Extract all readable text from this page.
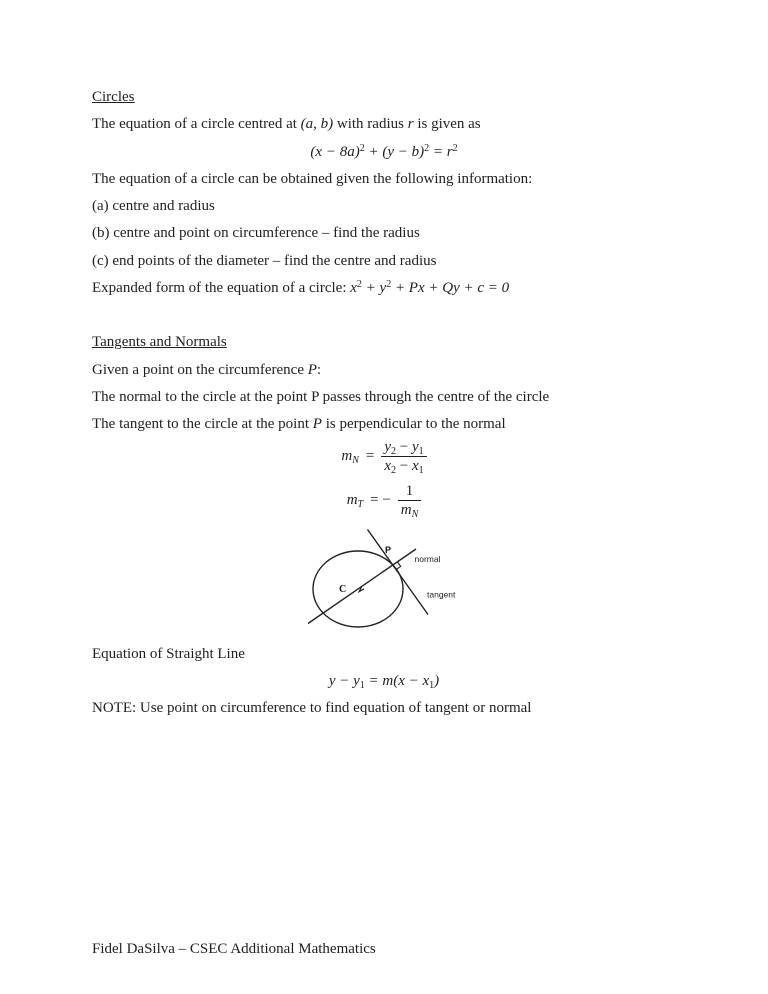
Circles

The equation of a circle centred at (a, b) with radius r is given as

$(x - 8a)^2 + (y - b)^2 = r^2$

The equation of a circle can be obtained given the following information:

(a) centre and radius

(b) centre and point on circumference – find the radius

(c) end points of the diameter – find the centre and radius

Expanded form of the equation of a circle: $x^2 + y^2 + Px + Qy + c = 0$

Tangents and Normals

Given a point on the circumference P:

The normal to the circle at the point P passes through the centre of the circle

The tangent to the circle at the point P is perpendicular to the normal

$m_N = \frac{y_2 - y_1}{x_2 - x_1}$
$m_T$ = − $\frac{1}{m_N}$
P
C
normal
tangent

Equation of Straight Line

$y - y_1 = m(x - x_1)$

NOTE: Use point on circumference to find equation of tangent or normal

Fidel DaSilva – CSEC Additional Mathematics
